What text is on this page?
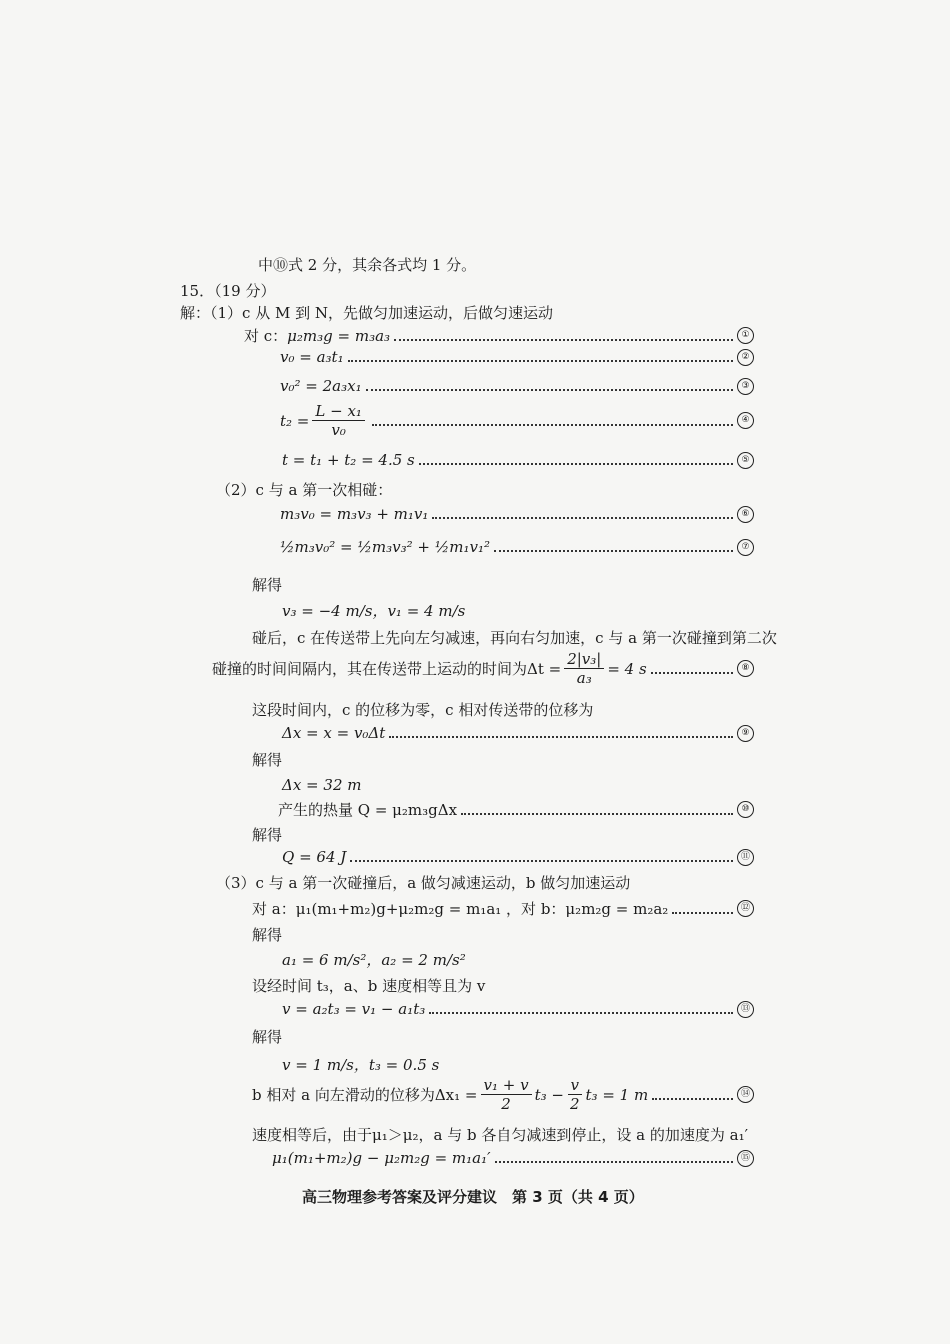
中⑩式 2 分，其余各式均 1 分。
15．（19 分）
解：（1）c 从 M 到 N，先做匀加速运动，后做匀速运动
对 c： μ₂m₃g = m₃a₃	①
v₀ = a₃t₁	②
v₀² = 2a₃x₁	③
$t_2 = \frac{\text{L − x₁}}{\text{v₀}}$	④
t = t₁ + t₂ = 4.5 s	⑤
（2）c 与 a 第一次相碰：
m₃v₀ = m₃v₃ + m₁v₁	⑥
½m₃v₀² = ½m₃v₃² + ½m₁v₁²	⑦
解得
v₃ = −4 m/s，v₁ = 4 m/s
碰后，c 在传送带上先向左匀减速，再向右匀加速，c 与 a 第一次碰撞到第二次
碰撞的时间间隔内，其在传送带上运动的时间为$\Delta t = \frac{\text{2|v₃|}}{\text{a₃}} = 4$ s	⑧
这段时间内，c 的位移为零，c 相对传送带的位移为
Δx = x = v₀Δt	⑨
解得
Δx = 32 m
产生的热量 Q = μ₂m₃gΔx	⑩
解得
Q = 64 J	⑪
（3）c 与 a 第一次碰撞后，a 做匀减速运动，b 做匀加速运动
对 a：μ₁(m₁+m₂)g+μ₂m₂g = m₁a₁ ，对 b：μ₂m₂g = m₂a₂	⑫
解得
a₁ = 6 m/s²，a₂ = 2 m/s²
设经时间 t₃，a、b 速度相等且为 v
v = a₂t₃ = v₁ − a₁t₃	⑬
解得
v = 1 m/s，t₃ = 0.5 s
b 相对 a 向左滑动的位移为$\Delta x_1 = \frac{\text{v₁ + v}}{2} t_3 - \frac{v}{2} t_3 = 1$ m	⑭
速度相等后，由于μ₁＞μ₂，a 与 b 各自匀减速到停止，设 a 的加速度为 a₁′
μ₁(m₁+m₂)g − μ₂m₂g = m₁a₁′	⑮
高三物理参考答案及评分建议　第 3 页（共 4 页）
